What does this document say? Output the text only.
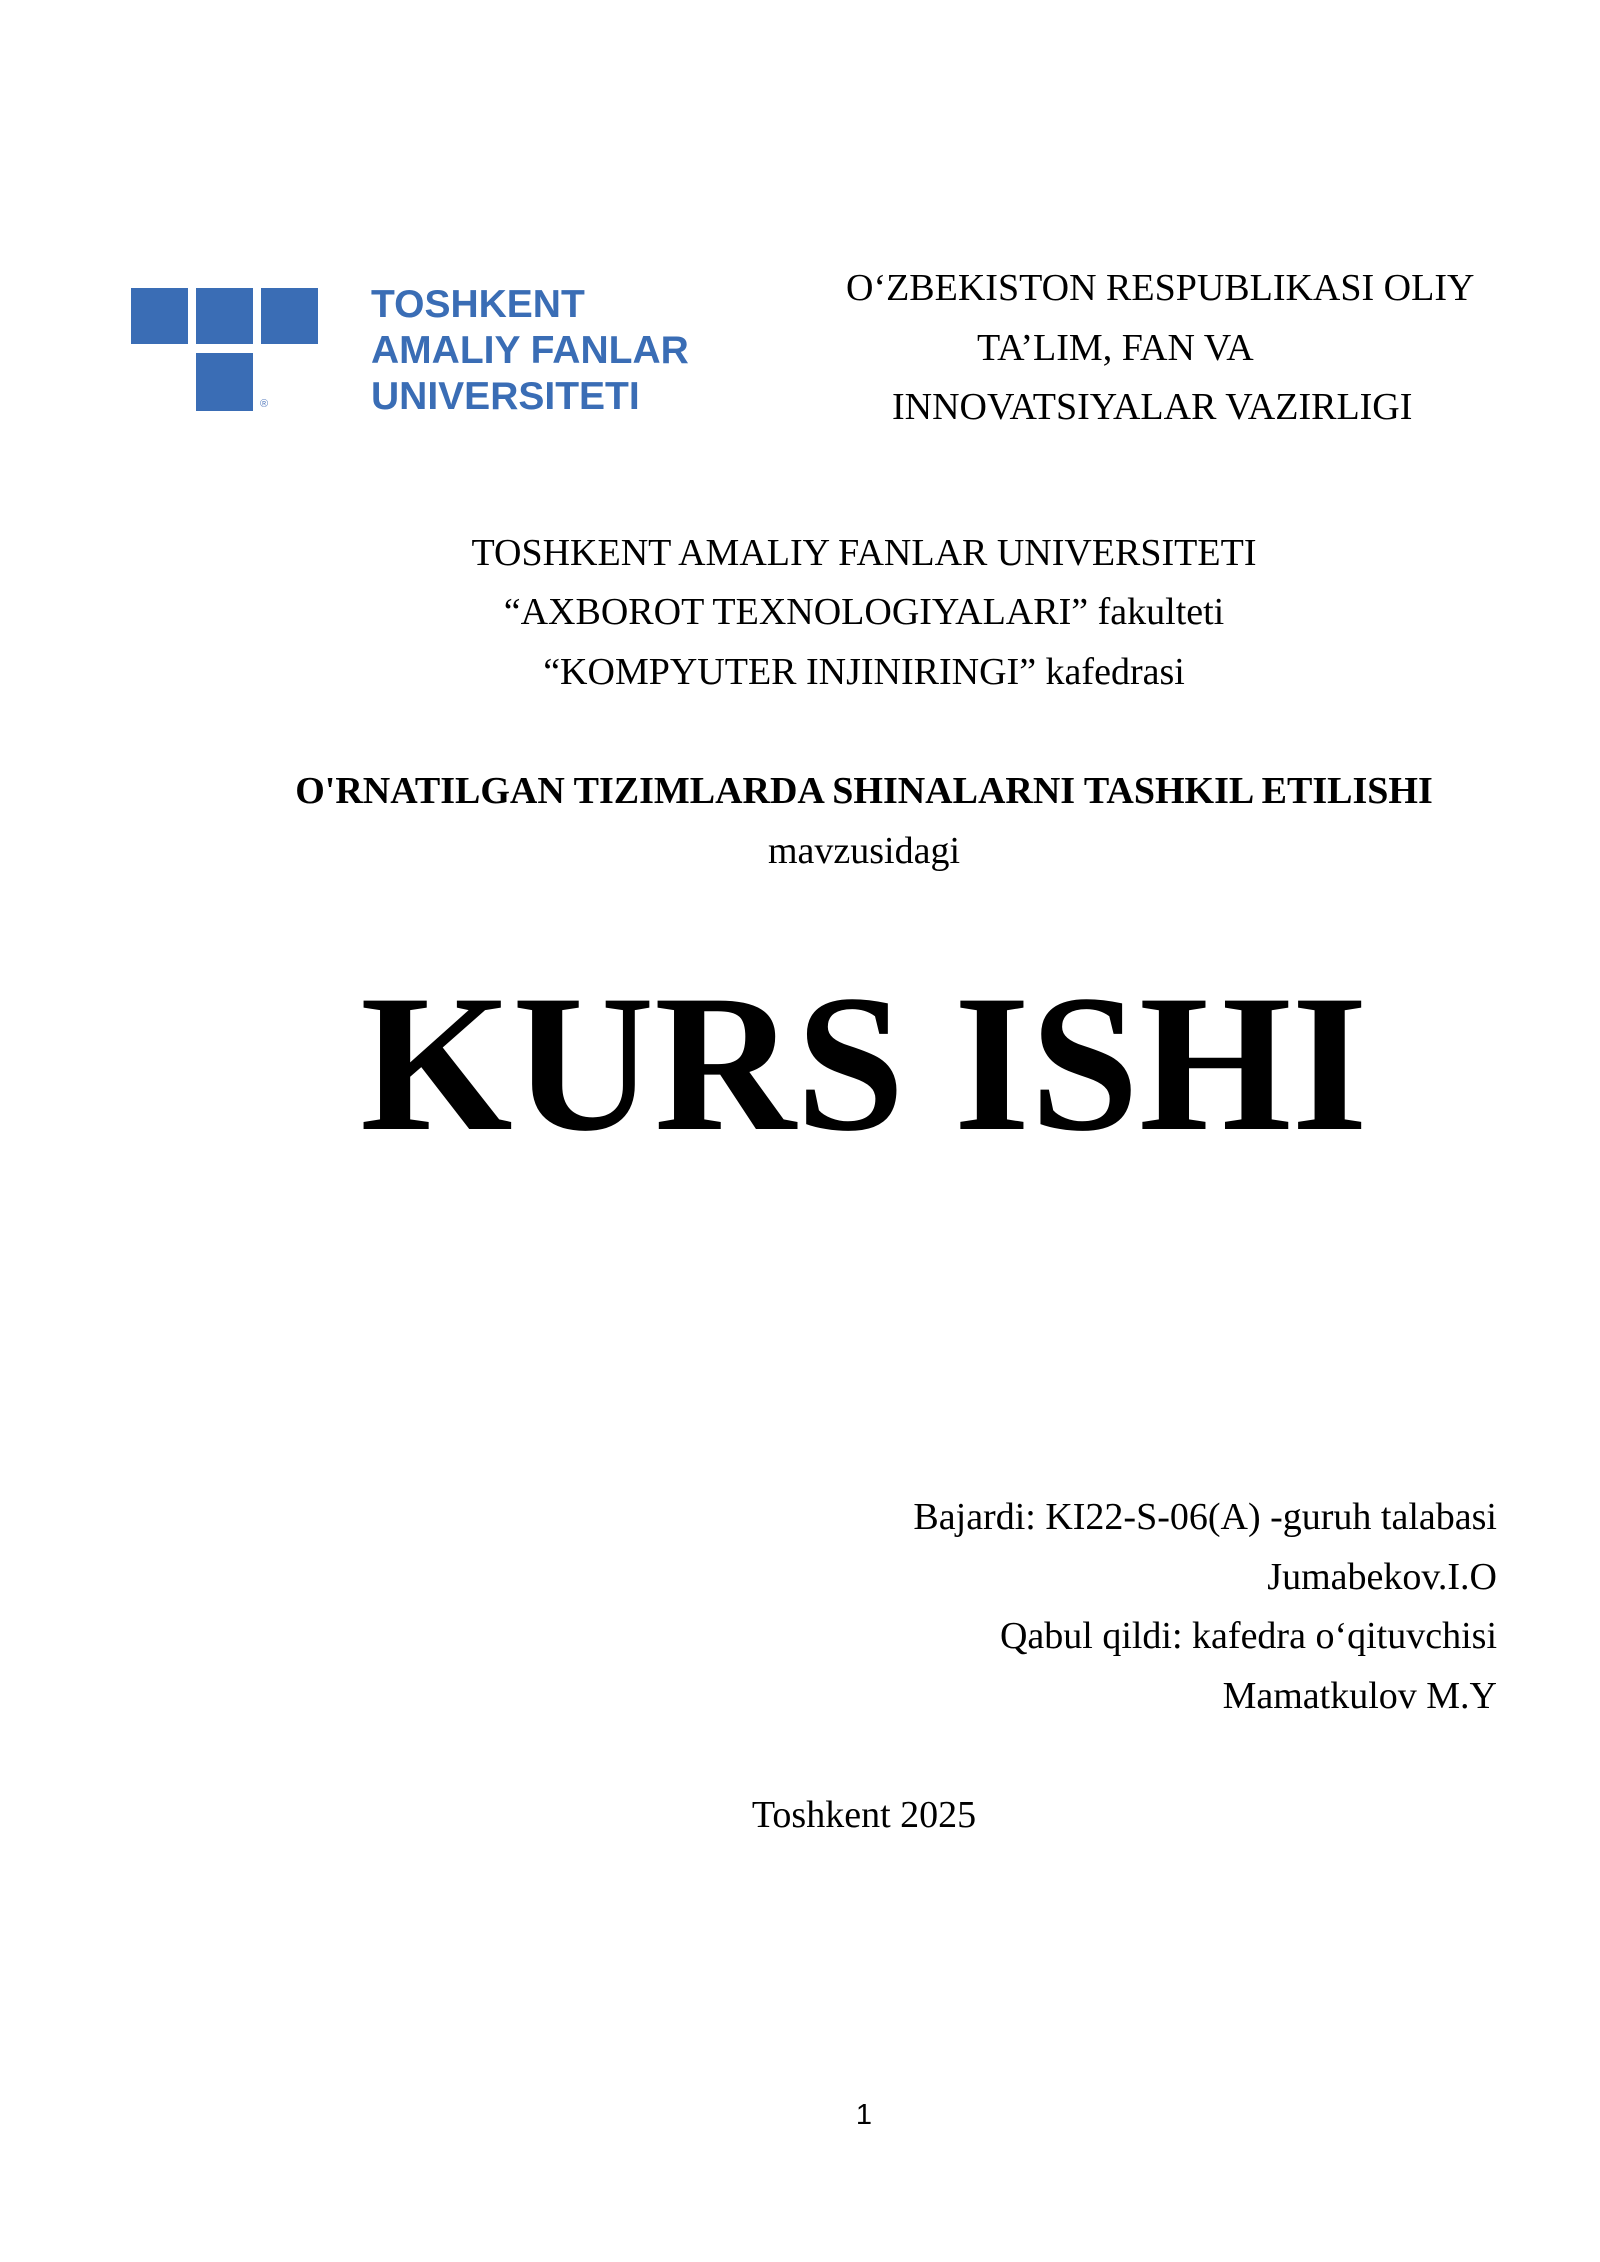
®
TOSHKENT
AMALIY FANLAR
UNIVERSITETI
O‘ZBEKISTON RESPUBLIKASI OLIY
TA’LIM, FAN VA
INNOVATSIYALAR VAZIRLIGI
TOSHKENT AMALIY FANLAR UNIVERSITETI
“AXBOROT TEXNOLOGIYALARI” fakulteti
“KOMPYUTER INJINIRINGI” kafedrasi
O'RNATILGAN TIZIMLARDA SHINALARNI TASHKIL ETILISHI
mavzusidagi
KURS ISHI
Bajardi: KI22-S-06(A) -guruh talabasi
Jumabekov.I.O
Qabul qildi: kafedra o‘qituvchisi
Mamatkulov M.Y
Toshkent 2025
1
